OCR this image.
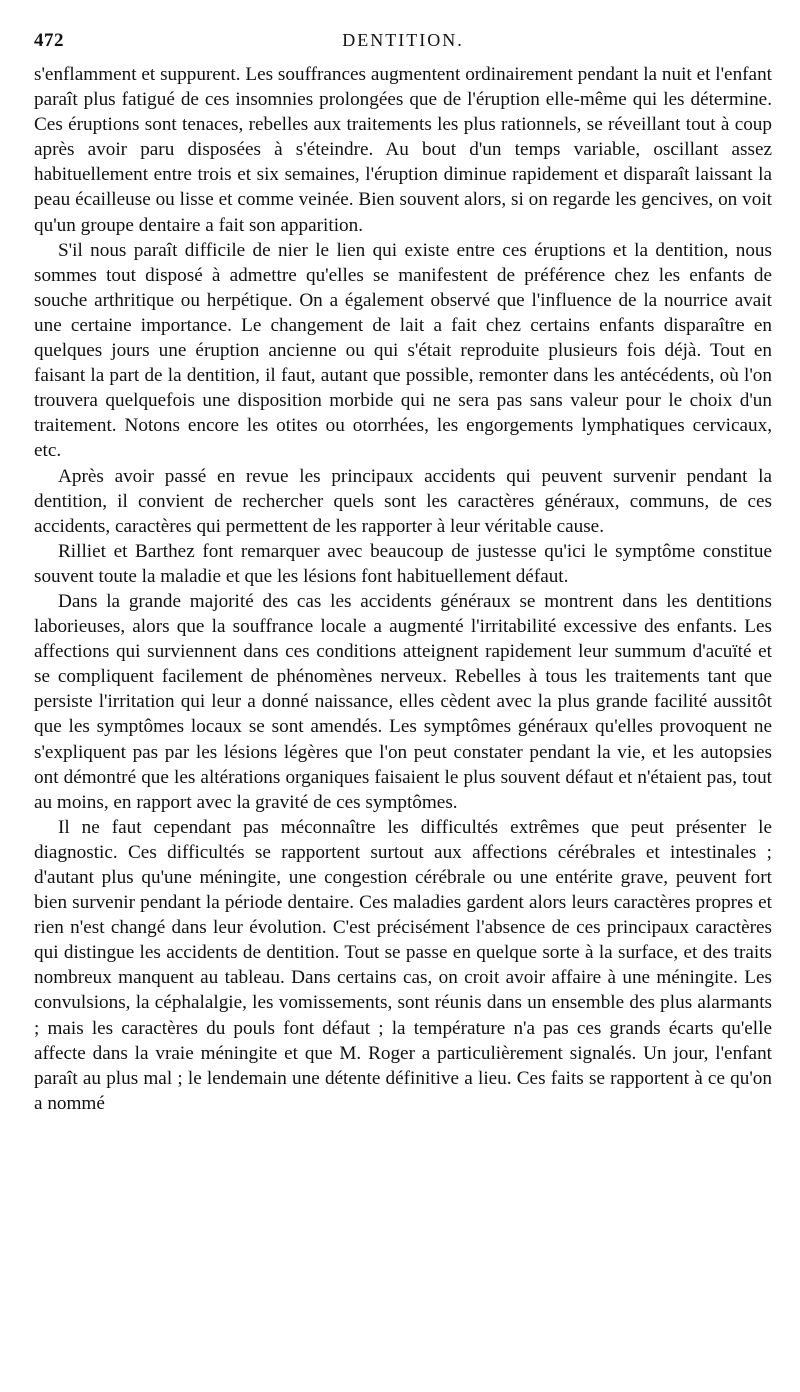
472	DENTITION.

s'enflamment et suppurent. Les souffrances augmentent ordinairement pendant la nuit et l'enfant paraît plus fatigué de ces insomnies prolongées que de l'éruption elle-même qui les détermine. Ces éruptions sont tenaces, rebelles aux traitements les plus rationnels, se réveillant tout à coup après avoir paru disposées à s'éteindre. Au bout d'un temps variable, oscillant assez habituellement entre trois et six semaines, l'éruption diminue rapidement et disparaît laissant la peau écailleuse ou lisse et comme veinée. Bien souvent alors, si on regarde les gencives, on voit qu'un groupe dentaire a fait son apparition.

S'il nous paraît difficile de nier le lien qui existe entre ces éruptions et la dentition, nous sommes tout disposé à admettre qu'elles se manifestent de préférence chez les enfants de souche arthritique ou herpétique. On a également observé que l'influence de la nourrice avait une certaine importance. Le changement de lait a fait chez certains enfants disparaître en quelques jours une éruption ancienne ou qui s'était reproduite plusieurs fois déjà. Tout en faisant la part de la dentition, il faut, autant que possible, remonter dans les antécédents, où l'on trouvera quelquefois une disposition morbide qui ne sera pas sans valeur pour le choix d'un traitement. Notons encore les otites ou otorrhées, les engorgements lymphatiques cervicaux, etc.

Après avoir passé en revue les principaux accidents qui peuvent survenir pendant la dentition, il convient de rechercher quels sont les caractères généraux, communs, de ces accidents, caractères qui permettent de les rapporter à leur véritable cause.

Rilliet et Barthez font remarquer avec beaucoup de justesse qu'ici le symptôme constitue souvent toute la maladie et que les lésions font habituellement défaut.

Dans la grande majorité des cas les accidents généraux se montrent dans les dentitions laborieuses, alors que la souffrance locale a augmenté l'irritabilité excessive des enfants. Les affections qui surviennent dans ces conditions atteignent rapidement leur summum d'acuïté et se compliquent facilement de phénomènes nerveux. Rebelles à tous les traitements tant que persiste l'irritation qui leur a donné naissance, elles cèdent avec la plus grande facilité aussitôt que les symptômes locaux se sont amendés. Les symptômes généraux qu'elles provoquent ne s'expliquent pas par les lésions légères que l'on peut constater pendant la vie, et les autopsies ont démontré que les altérations organiques faisaient le plus souvent défaut et n'étaient pas, tout au moins, en rapport avec la gravité de ces symptômes.

Il ne faut cependant pas méconnaître les difficultés extrêmes que peut présenter le diagnostic. Ces difficultés se rapportent surtout aux affections cérébrales et intestinales ; d'autant plus qu'une méningite, une congestion cérébrale ou une entérite grave, peuvent fort bien survenir pendant la période dentaire. Ces maladies gardent alors leurs caractères propres et rien n'est changé dans leur évolution. C'est précisément l'absence de ces principaux caractères qui distingue les accidents de dentition. Tout se passe en quelque sorte à la surface, et des traits nombreux manquent au tableau. Dans certains cas, on croit avoir affaire à une méningite. Les convulsions, la céphalalgie, les vomissements, sont réunis dans un ensemble des plus alarmants ; mais les caractères du pouls font défaut ; la température n'a pas ces grands écarts qu'elle affecte dans la vraie méningite et que M. Roger a particulièrement signalés. Un jour, l'enfant paraît au plus mal ; le lendemain une détente définitive a lieu. Ces faits se rapportent à ce qu'on a nommé
